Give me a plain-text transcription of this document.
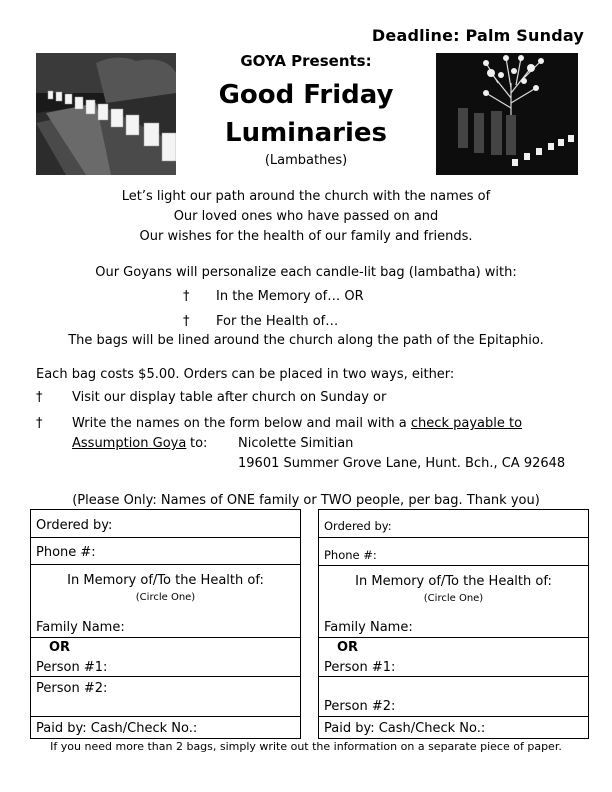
Deadline: Palm Sunday
GOYA Presents:
Good Friday
Luminaries
(Lambathes)
Let’s light our path around the church with the names of
Our loved ones who have passed on and
Our wishes for the health of our family and friends.
Our Goyans will personalize each candle-lit bag (lambatha) with:
† In the Memory of… OR
† For the Health of…
The bags will be lined around the church along the path of the Epitaphio.
Each bag costs $5.00. Orders can be placed in two ways, either:
† Visit our display table after church on Sunday or
† Write the names on the form below and mail with a check payable to
Assumption Goya to: Nicolette Simitian
19601 Summer Grove Lane, Hunt. Bch., CA 92648
(Please Only: Names of ONE family or TWO people, per bag. Thank you)
Ordered by:
Phone #:
In Memory of/To the Health of:
(Circle One)
Family Name:
OR
Person #1:
Person #2:
Paid by: Cash/Check No.:
Ordered by:
Phone #:
In Memory of/To the Health of:
(Circle One)
Family Name:
OR
Person #1:
Person #2:
Paid by: Cash/Check No.:
If you need more than 2 bags, simply write out the information on a separate piece of paper.
